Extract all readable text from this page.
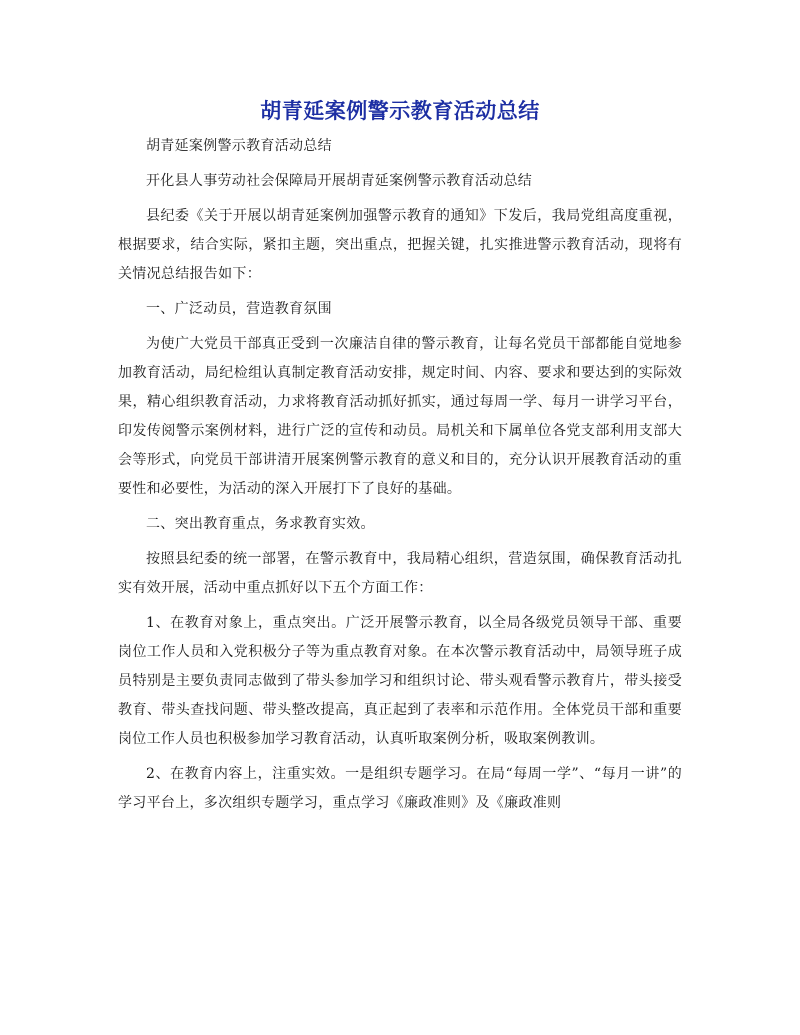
胡青延案例警示教育活动总结

胡青延案例警示教育活动总结

开化县人事劳动社会保障局开展胡青延案例警示教育活动总结

县纪委《关于开展以胡青延案例加强警示教育的通知》下发后，我局党组高度重视，根据要求，结合实际，紧扣主题，突出重点，把握关键，扎实推进警示教育活动，现将有关情况总结报告如下：

一、广泛动员，营造教育氛围

为使广大党员干部真正受到一次廉洁自律的警示教育，让每名党员干部都能自觉地参加教育活动，局纪检组认真制定教育活动安排，规定时间、内容、要求和要达到的实际效果，精心组织教育活动，力求将教育活动抓好抓实，通过每周一学、每月一讲学习平台，印发传阅警示案例材料，进行广泛的宣传和动员。局机关和下属单位各党支部利用支部大会等形式，向党员干部讲清开展案例警示教育的意义和目的，充分认识开展教育活动的重要性和必要性，为活动的深入开展打下了良好的基础。

二、突出教育重点，务求教育实效。

按照县纪委的统一部署，在警示教育中，我局精心组织，营造氛围，确保教育活动扎实有效开展，活动中重点抓好以下五个方面工作：

1、在教育对象上，重点突出。广泛开展警示教育，以全局各级党员领导干部、重要岗位工作人员和入党积极分子等为重点教育对象。在本次警示教育活动中，局领导班子成员特别是主要负责同志做到了带头参加学习和组织讨论、带头观看警示教育片，带头接受教育、带头查找问题、带头整改提高，真正起到了表率和示范作用。全体党员干部和重要岗位工作人员也积极参加学习教育活动，认真听取案例分析，吸取案例教训。

2、在教育内容上，注重实效。一是组织专题学习。在局“每周一学”、“每月一讲”的学习平台上，多次组织专题学习，重点学习《廉政准则》及《廉政准则
